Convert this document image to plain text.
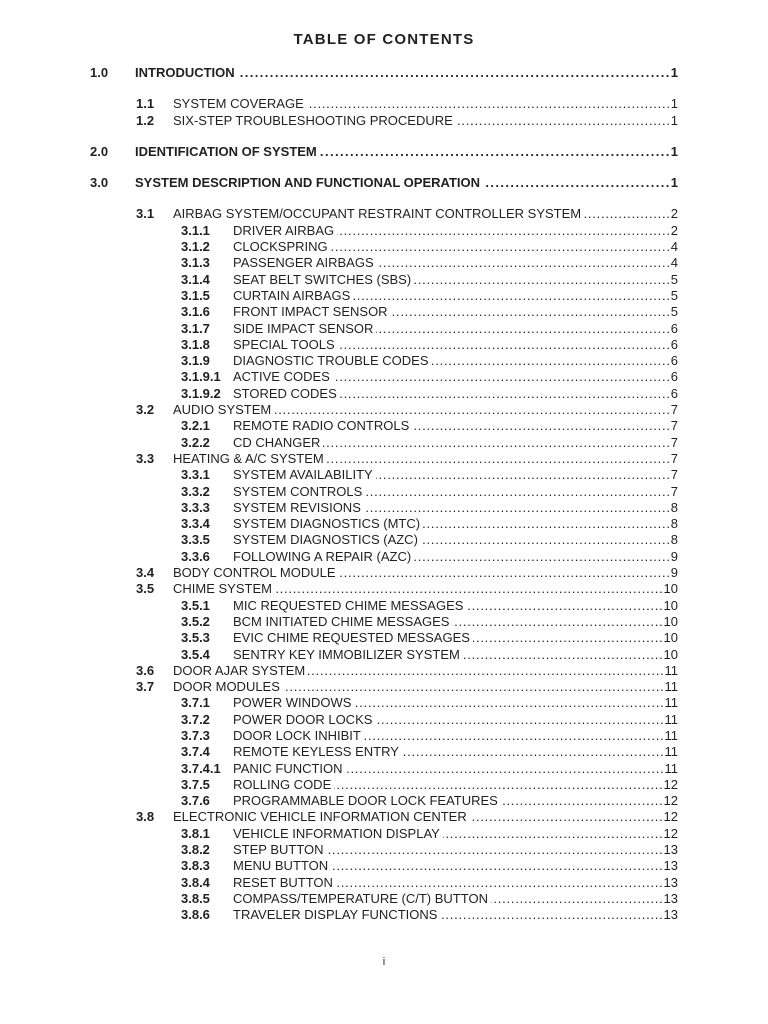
TABLE OF CONTENTS
1.0	INTRODUCTION .....	1
1.1	SYSTEM COVERAGE .....	1
1.2	SIX-STEP TROUBLESHOOTING PROCEDURE .....	1
2.0	IDENTIFICATION OF SYSTEM .....	1
3.0	SYSTEM DESCRIPTION AND FUNCTIONAL OPERATION .....	1
3.1	AIRBAG SYSTEM/OCCUPANT RESTRAINT CONTROLLER SYSTEM .....	2
3.1.1	DRIVER AIRBAG .....	2
3.1.2	CLOCKSPRING .....	4
3.1.3	PASSENGER AIRBAGS .....	4
3.1.4	SEAT BELT SWITCHES (SBS) .....	5
3.1.5	CURTAIN AIRBAGS .....	5
3.1.6	FRONT IMPACT SENSOR .....	5
3.1.7	SIDE IMPACT SENSOR .....	6
3.1.8	SPECIAL TOOLS .....	6
3.1.9	DIAGNOSTIC TROUBLE CODES .....	6
3.1.9.1 ACTIVE CODES .....	6
3.1.9.2 STORED CODES .....	6
3.2	AUDIO SYSTEM .....	7
3.2.1	REMOTE RADIO CONTROLS .....	7
3.2.2	CD CHANGER .....	7
3.3	HEATING & A/C SYSTEM .....	7
3.3.1	SYSTEM AVAILABILITY .....	7
3.3.2	SYSTEM CONTROLS .....	7
3.3.3	SYSTEM REVISIONS .....	8
3.3.4	SYSTEM DIAGNOSTICS (MTC) .....	8
3.3.5	SYSTEM DIAGNOSTICS (AZC) .....	8
3.3.6	FOLLOWING A REPAIR (AZC) .....	9
3.4	BODY CONTROL MODULE .....	9
3.5	CHIME SYSTEM .....	10
3.5.1	MIC REQUESTED CHIME MESSAGES .....	10
3.5.2	BCM INITIATED CHIME MESSAGES .....	10
3.5.3	EVIC CHIME REQUESTED MESSAGES .....	10
3.5.4	SENTRY KEY IMMOBILIZER SYSTEM .....	10
3.6	DOOR AJAR SYSTEM .....	11
3.7	DOOR MODULES .....	11
3.7.1	POWER WINDOWS .....	11
3.7.2	POWER DOOR LOCKS .....	11
3.7.3	DOOR LOCK INHIBIT .....	11
3.7.4	REMOTE KEYLESS ENTRY .....	11
3.7.4.1 PANIC FUNCTION .....	11
3.7.5	ROLLING CODE .....	12
3.7.6	PROGRAMMABLE DOOR LOCK FEATURES .....	12
3.8	ELECTRONIC VEHICLE INFORMATION CENTER .....	12
3.8.1	VEHICLE INFORMATION DISPLAY .....	12
3.8.2	STEP BUTTON .....	13
3.8.3	MENU BUTTON .....	13
3.8.4	RESET BUTTON .....	13
3.8.5	COMPASS/TEMPERATURE (C/T) BUTTON .....	13
3.8.6	TRAVELER DISPLAY FUNCTIONS .....	13
i
